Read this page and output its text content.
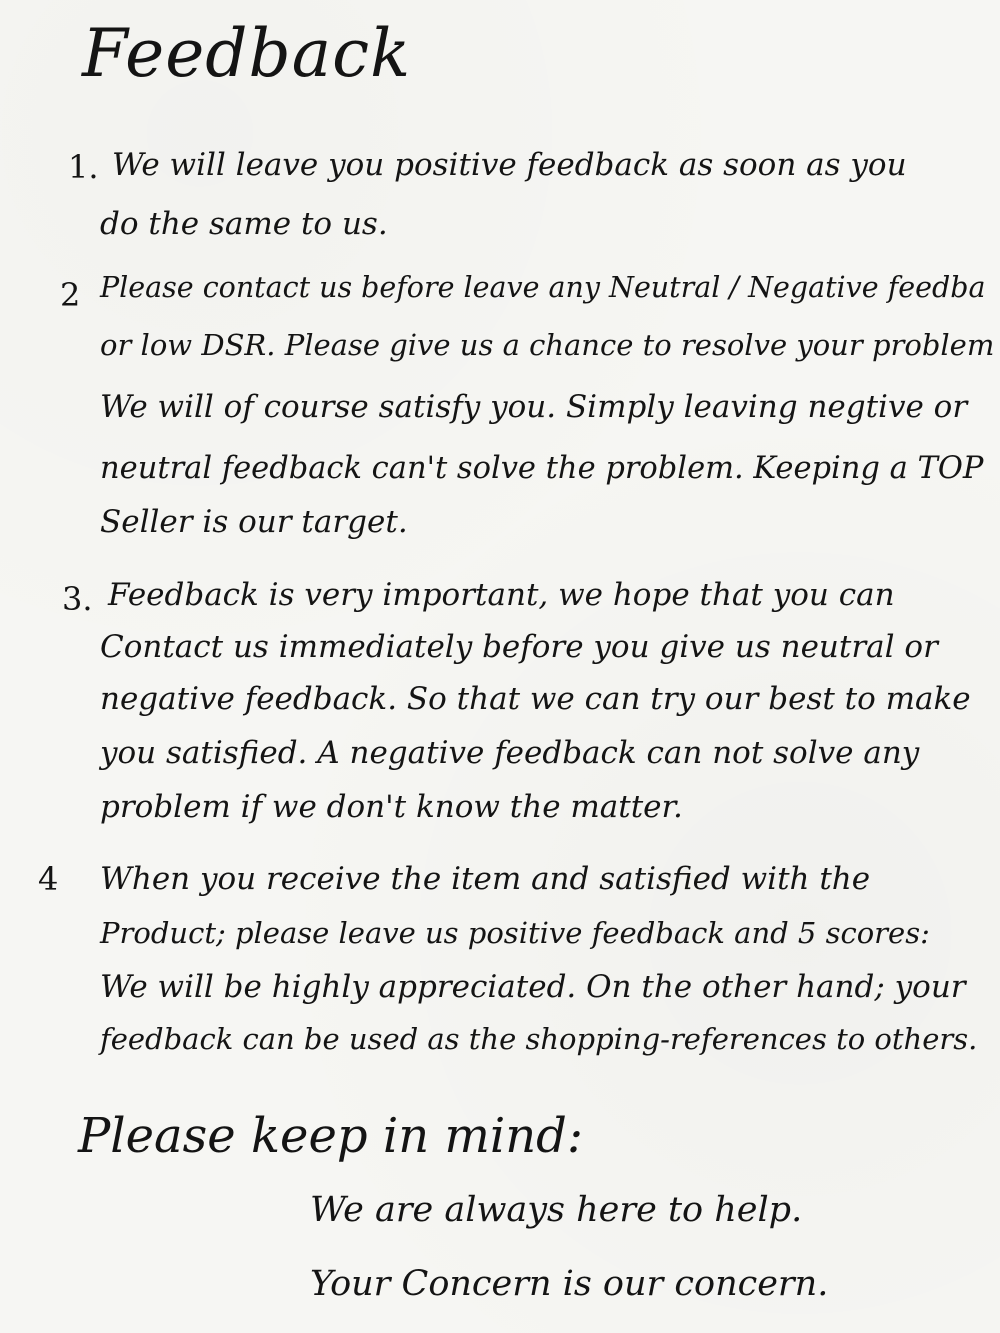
Feedback
1. We will leave you positive feedback as soon as you
do the same to us.
2 Please contact us before leave any Neutral / Negative feedba
or low DSR. Please give us a chance to resolve your problem
We will of course satisfy you. Simply leaving negtive or
neutral feedback can't solve the problem. Keeping a TOP
Seller is our target.
3. Feedback is very important, we hope that you can
Contact us immediately before you give us neutral or
negative feedback. So that we can try our best to make
you satisfied. A negative feedback can not solve any
problem if we don't know the matter.
4 When you receive the item and satisfied with the
Product; please leave us positive feedback and 5 scores:
We will be highly appreciated. On the other hand; your
feedback can be used as the shopping-references to others.
Please keep in mind:
We are always here to help.
Your Concern is our concern.
